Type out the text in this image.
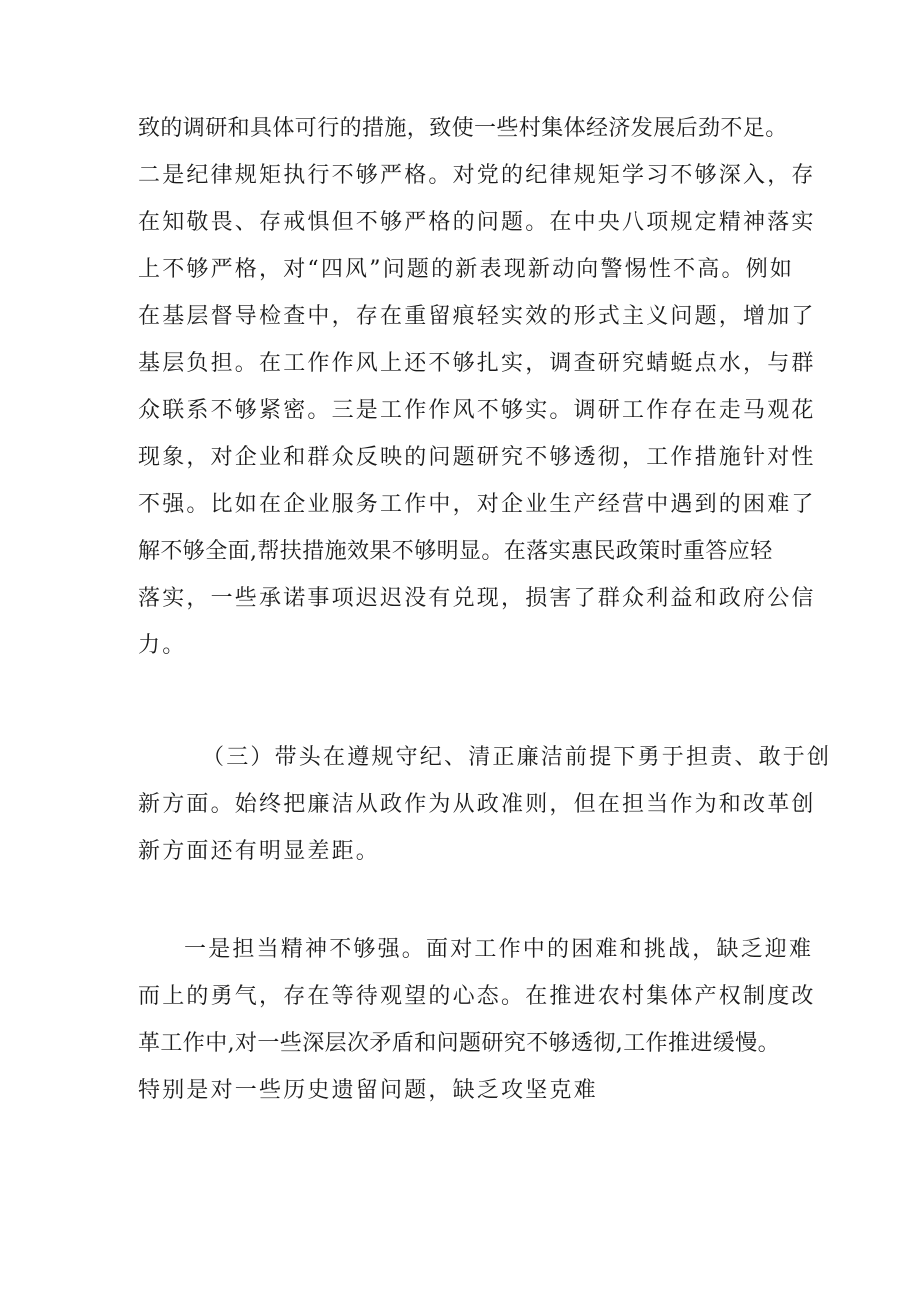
致的调研和具体可行的措施，致使一些村集体经济发展后劲不足。
二是纪律规矩执行不够严格。对党的纪律规矩学习不够深入，存
在知敬畏、存戒惧但不够严格的问题。在中央八项规定精神落实
上不够严格，对“四风”问题的新表现新动向警惕性不高。例如
在基层督导检查中，存在重留痕轻实效的形式主义问题，增加了
基层负担。在工作作风上还不够扎实，调查研究蜻蜓点水，与群
众联系不够紧密。三是工作作风不够实。调研工作存在走马观花
现象，对企业和群众反映的问题研究不够透彻，工作措施针对性
不强。比如在企业服务工作中，对企业生产经营中遇到的困难了
解不够全面,帮扶措施效果不够明显。在落实惠民政策时重答应轻
落实，一些承诺事项迟迟没有兑现，损害了群众利益和政府公信
力。
（三）带头在遵规守纪、清正廉洁前提下勇于担责、敢于创
新方面。始终把廉洁从政作为从政准则，但在担当作为和改革创
新方面还有明显差距。
一是担当精神不够强。面对工作中的困难和挑战，缺乏迎难
而上的勇气，存在等待观望的心态。在推进农村集体产权制度改
革工作中,对一些深层次矛盾和问题研究不够透彻,工作推进缓慢。
特别是对一些历史遗留问题，缺乏攻坚克难
